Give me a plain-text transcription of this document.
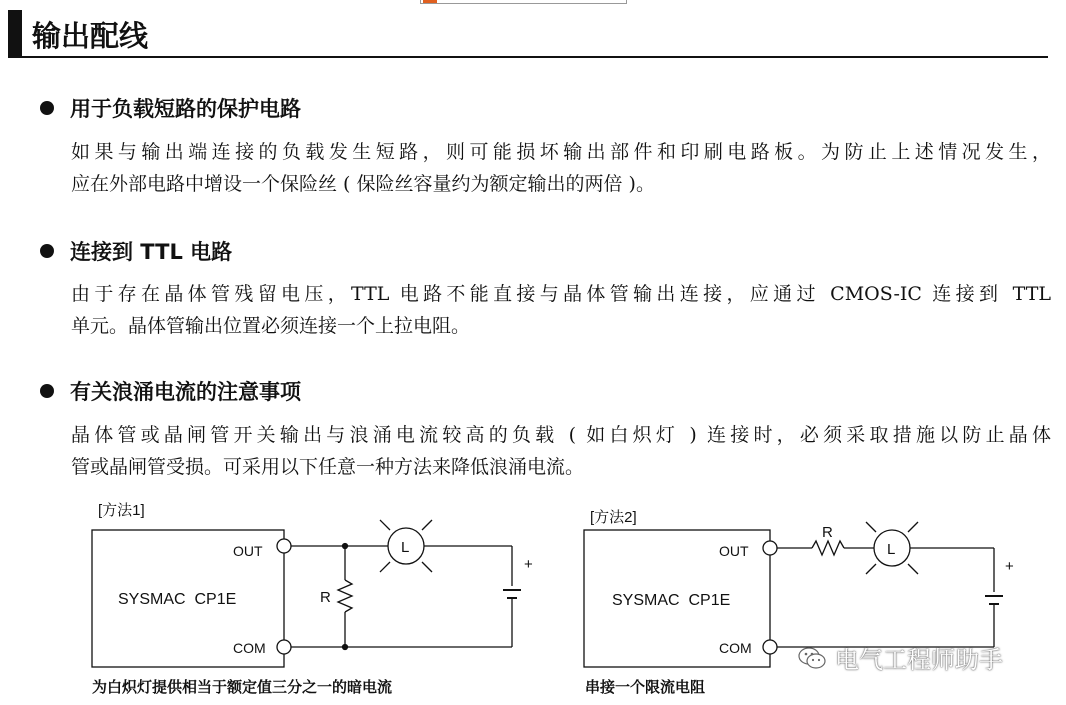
输出配线
用于负载短路的保护电路
如果与输出端连接的负载发生短路，则可能损坏输出部件和印刷电路板。为防止上述情况发生，
应在外部电路中增设一个保险丝 ( 保险丝容量约为额定输出的两倍 )。
连接到 TTL 电路
由于存在晶体管残留电压，TTL 电路不能直接与晶体管输出连接，应通过 CMOS-IC 连接到 TTL
单元。晶体管输出位置必须连接一个上拉电阻。
有关浪涌电流的注意事项
晶体管或晶闸管开关输出与浪涌电流较高的负载 ( 如白炽灯 ) 连接时，必须采取措施以防止晶体
管或晶闸管受损。可采用以下任意一种方法来降低浪涌电流。
[方法1]
OUT
COM
SYSMAC  CP1E	R
L
+
[方法2]
OUT
COM
SYSMAC  CP1E
R
L
+
为白炽灯提供相当于额定值三分之一的暗电流	串接一个限流电阻
电气工程师助手
